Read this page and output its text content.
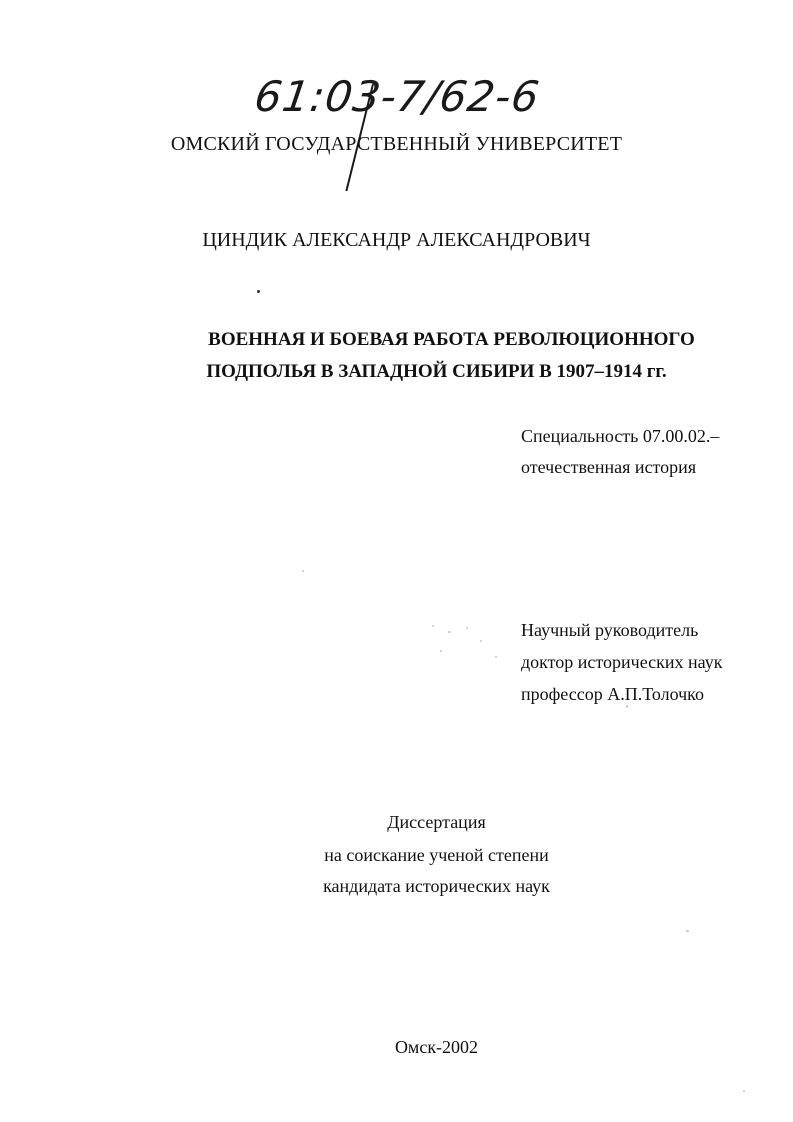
61:03-7/62-6
ОМСКИЙ ГОСУДАРСТВЕННЫЙ УНИВЕРСИТЕТ
ЦИНДИК АЛЕКСАНДР АЛЕКСАНДРОВИЧ
ВОЕННАЯ И БОЕВАЯ РАБОТА РЕВОЛЮЦИОННОГО
ПОДПОЛЬЯ В ЗАПАДНОЙ СИБИРИ В 1907–1914 гг.
Специальность 07.00.02.–
отечественная история
Научный руководитель
доктор исторических наук
профессор А.П.Толочко
Диссертация
на соискание ученой степени
кандидата исторических наук
Омск-2002
